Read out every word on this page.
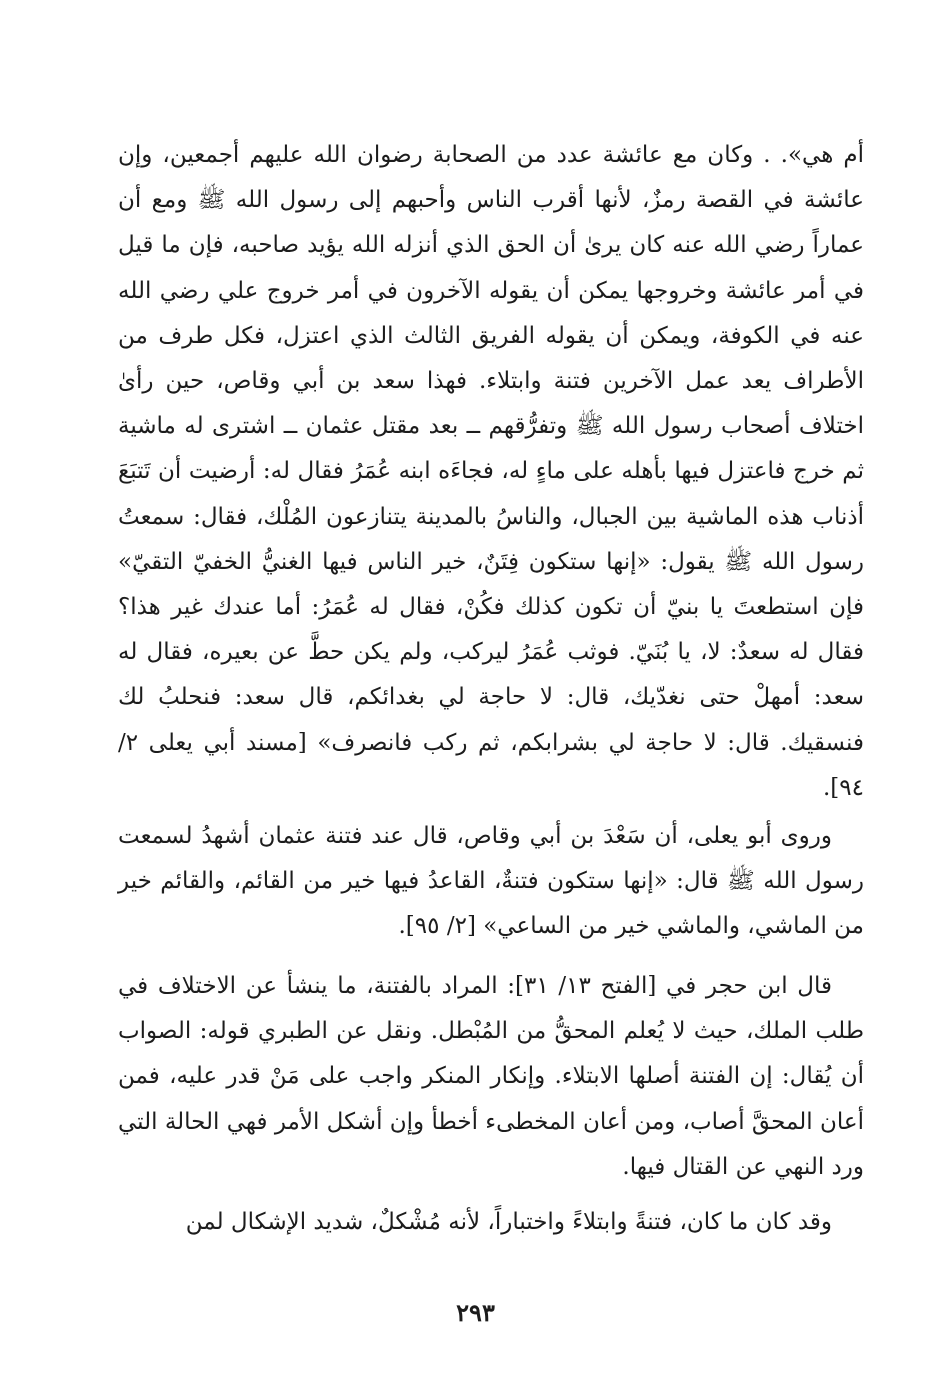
أم هي». . وكان مع عائشة عدد من الصحابة رضوان الله عليهم أجمعين، وإن عائشة في القصة رمزٌ، لأنها أقرب الناس وأحبهم إلى رسول الله ﷺ ومع أن عماراً رضي الله عنه كان يرىٰ أن الحق الذي أنزله الله يؤيد صاحبه، فإن ما قيل في أمر عائشة وخروجها يمكن أن يقوله الآخرون في أمر خروج علي رضي الله عنه في الكوفة، ويمكن أن يقوله الفريق الثالث الذي اعتزل، فكل طرف من الأطراف يعد عمل الآخرين فتنة وابتلاء. فهذا سعد بن أبي وقاص، حين رأىٰ اختلاف أصحاب رسول الله ﷺ وتفرُّقهم ــ بعد مقتل عثمان ــ اشترى له ماشية ثم خرج فاعتزل فيها بأهله على ماءٍ له، فجاءَه ابنه عُمَرُ فقال له: أرضيت أن تَتبَعَ أذناب هذه الماشية بين الجبال، والناسُ بالمدينة يتنازعون المُلْك، فقال: سمعتُ رسول الله ﷺ يقول: «إنها ستكون فِتَنٌ، خير الناس فيها الغنيُّ الخفيّ التقيّ» فإن استطعتَ يا بنيّ أن تكون كذلك فكُنْ، فقال له عُمَرُ: أما عندك غير هذا؟ فقال له سعدٌ: لا، يا بُنَيّ. فوثب عُمَرُ ليركب، ولم يكن حطَّ عن بعيره، فقال له سعد: أمهلْ حتى نغدّيك، قال: لا حاجة لي بغدائكم، قال سعد: فنحلبُ لك فنسقيك. قال: لا حاجة لي بشرابكم، ثم ركب فانصرف» [مسند أبي يعلى ٢/ ٩٤].

وروى أبو يعلى، أن سَعْدَ بن أبي وقاص، قال عند فتنة عثمان أشهدُ لسمعت رسول الله ﷺ قال: «إنها ستكون فتنةٌ، القاعدُ فيها خير من القائم، والقائم خير من الماشي، والماشي خير من الساعي» [٢/ ٩٥].

قال ابن حجر في [الفتح ١٣/ ٣١]: المراد بالفتنة، ما ينشأ عن الاختلاف في طلب الملك، حيث لا يُعلم المحقُّ من المُبْطل. ونقل عن الطبري قوله: الصواب أن يُقال: إن الفتنة أصلها الابتلاء. وإنكار المنكر واجب على مَنْ قدر عليه، فمن أعان المحقَّ أصاب، ومن أعان المخطىء أخطأ وإن أشكل الأمر فهي الحالة التي ورد النهي عن القتال فيها.

وقد كان ما كان، فتنةً وابتلاءً واختباراً، لأنه مُشْكلٌ، شديد الإشكال لمن

٢٩٣
